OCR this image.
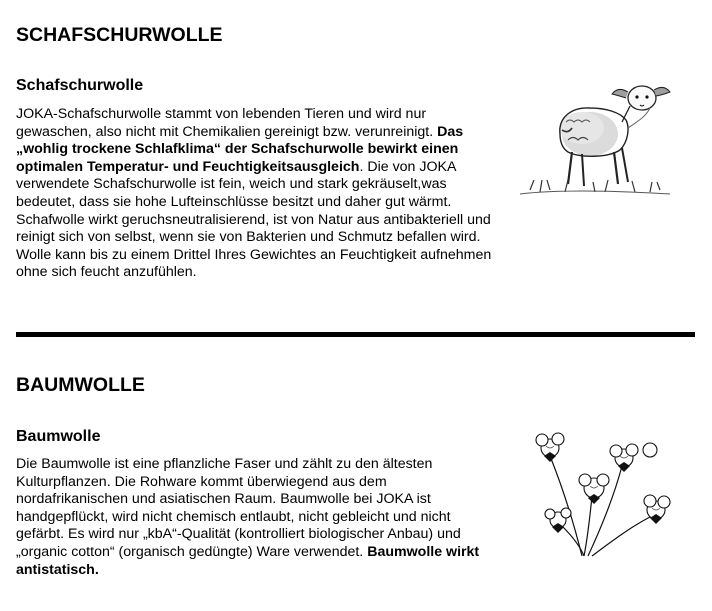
SCHAFSCHURWOLLE
Schafschurwolle

JOKA-Schafschurwolle stammt von lebenden Tieren und wird nur gewaschen, also nicht mit Chemikalien gereinigt bzw. verunreinigt. Das „wohlig trockene Schlafklima“ der Schafschurwolle bewirkt einen optimalen Temperatur- und Feuchtigkeitsausgleich. Die von JOKA verwendete Schafschurwolle ist fein, weich und stark gekräuselt,was bedeutet, dass sie hohe Lufteinschlüsse besitzt und daher gut wärmt. Schafwolle wirkt geruchsneutralisierend, ist von Natur aus antibakteriell und reinigt sich von selbst, wenn sie von Bakterien und Schmutz befallen wird. Wolle kann bis zu einem Drittel Ihres Gewichtes an Feuchtigkeit aufnehmen ohne sich feucht anzufühlen.

BAUMWOLLE
Baumwolle

Die Baumwolle ist eine pflanzliche Faser und zählt zu den ältesten Kulturpflanzen. Die Rohware kommt überwiegend aus dem nordafrikanischen und asiatischen Raum. Baumwolle bei JOKA ist handgepflückt, wird nicht chemisch entlaubt, nicht gebleicht und nicht gefärbt. Es wird nur „kbA“-Qualität (kontrolliert biologischer Anbau) und „organic cotton“ (organisch gedüngte) Ware verwendet. Baumwolle wirkt antistatisch.
